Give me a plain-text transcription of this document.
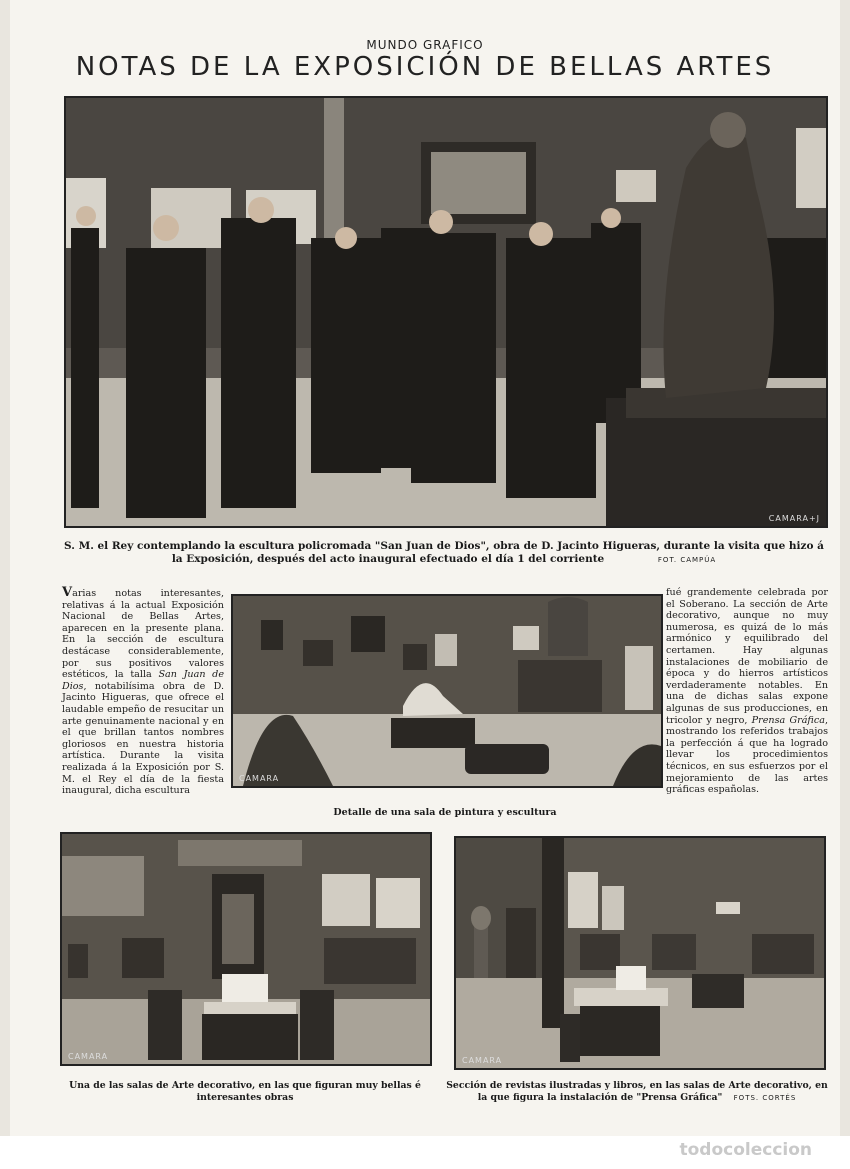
MUNDO GRAFICO
NOTAS DE LA EXPOSICIÓN DE BELLAS ARTES
CAMARA+J
S. M. el Rey contemplando la escultura policromada "San Juan de Dios", obra de D. Jacinto Higueras, durante la visita que hizo á
la Exposición, después del acto inaugural efectuado el día 1 del corriente	FOT. CAMPÚA
Varias notas interesantes, relativas á la actual Exposición Nacional de Bellas Artes, aparecen en la presente plana. En la sección de escultura destácase considerablemente, por sus positivos valores estéticos, la talla San Juan de Dios, notabilísima obra de D. Jacinto Higueras, que ofrece el laudable empeño de resucitar un arte genuinamente nacional y en el que brillan tantos nombres gloriosos en nuestra historia artística. Durante la visita realizada á la Exposición por S. M. el Rey el día de la fiesta inaugural, dicha escultura
CAMARA
Detalle de una sala de pintura y escultura
fué grandemente celebrada por el Soberano. La sección de Arte decorativo, aunque no muy numerosa, es quizá de lo más armónico y equilibrado del certamen. Hay algunas instalaciones de mobiliario de época y do hierros artísticos verdaderamente notables. En una de dichas salas expone algunas de sus producciones, en tricolor y negro, Prensa Gráfica, mostrando los referidos trabajos la perfección á que ha logrado llevar los procedimientos técnicos, en sus esfuerzos por el mejoramiento de las artes gráficas españolas.
CAMARA
Una de las salas de Arte decorativo, en las que figuran muy bellas é interesantes obras
CAMARA
Sección de revistas ilustradas y libros, en las salas de Arte decorativo, en la que figura la instalación de "Prensa Gráfica" FOTS. CORTÉS
todocoleccion
